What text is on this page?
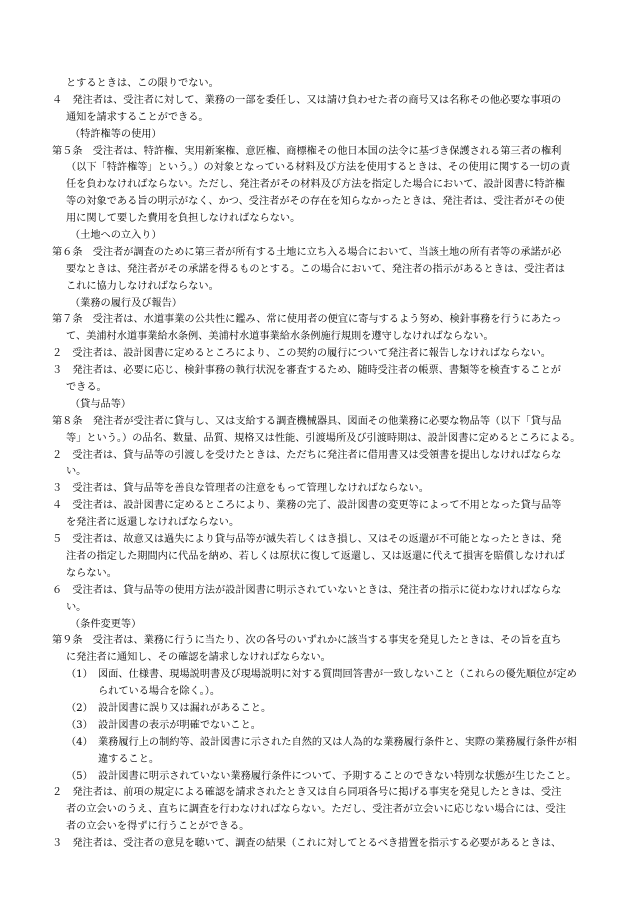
とするときは、この限りでない。

４　発注者は、受注者に対して、業務の一部を委任し、又は請け負わせた者の商号又は名称その他必要な事項の

通知を請求することができる。

（特許権等の使用）

第５条　受注者は、特許権、実用新案権、意匠権、商標権その他日本国の法令に基づき保護される第三者の権利

（以下「特許権等」という。）の対象となっている材料及び方法を使用するときは、その使用に関する一切の責

任を負わなければならない。ただし、発注者がその材料及び方法を指定した場合において、設計図書に特許権

等の対象である旨の明示がなく、かつ、受注者がその存在を知らなかったときは、発注者は、受注者がその使

用に関して要した費用を負担しなければならない。

（土地への立入り）

第６条　受注者が調査のために第三者が所有する土地に立ち入る場合において、当該土地の所有者等の承諾が必

要なときは、発注者がその承諾を得るものとする。この場合において、発注者の指示があるときは、受注者は

これに協力しなければならない。

（業務の履行及び報告）

第７条　受注者は、水道事業の公共性に鑑み、常に使用者の便宜に寄与するよう努め、検針事務を行うにあたっ

て、美浦村水道事業給水条例、美浦村水道事業給水条例施行規則を遵守しなければならない。

２　受注者は、設計図書に定めるところにより、この契約の履行について発注者に報告しなければならない。

３　発注者は、必要に応じ、検針事務の執行状況を審査するため、随時受注者の帳票、書類等を検査することが

できる。

（貸与品等）

第８条　発注者が受注者に貸与し、又は支給する調査機械器具、図面その他業務に必要な物品等（以下「貸与品

等」という。）の品名、数量、品質、規格又は性能、引渡場所及び引渡時期は、設計図書に定めるところによる。

２　受注者は、貸与品等の引渡しを受けたときは、ただちに発注者に借用書又は受領書を提出しなければならな

い。

３　受注者は、貸与品等を善良な管理者の注意をもって管理しなければならない。

４　受注者は、設計図書に定めるところにより、業務の完了、設計図書の変更等によって不用となった貸与品等

を発注者に返還しなければならない。

５　受注者は、故意又は過失により貸与品等が滅失若しくはき損し、又はその返還が不可能となったときは、発

注者の指定した期間内に代品を納め、若しくは原状に復して返還し、又は返還に代えて損害を賠償しなければ

ならない。

６　受注者は、貸与品等の使用方法が設計図書に明示されていないときは、発注者の指示に従わなければならな

い。

（条件変更等）

第９条　受注者は、業務に行うに当たり、次の各号のいずれかに該当する事実を発見したときは、その旨を直ち

に発注者に通知し、その確認を請求しなければならない。

（1）　図面、仕様書、現場説明書及び現場説明に対する質問回答書が一致しないこと（これらの優先順位が定め

られている場合を除く。）。

（2）　設計図書に誤り又は漏れがあること。

（3）　設計図書の表示が明確でないこと。

（4）　業務履行上の制約等、設計図書に示された自然的又は人為的な業務履行条件と、実際の業務履行条件が相

違すること。

（5）　設計図書に明示されていない業務履行条件について、予期することのできない特別な状態が生じたこと。

２　発注者は、前項の規定による確認を請求されたとき又は自ら同項各号に掲げる事実を発見したときは、受注

者の立会いのうえ、直ちに調査を行わなければならない。ただし、受注者が立会いに応じない場合には、受注

者の立会いを得ずに行うことができる。

３　発注者は、受注者の意見を聴いて、調査の結果（これに対してとるべき措置を指示する必要があるときは、
